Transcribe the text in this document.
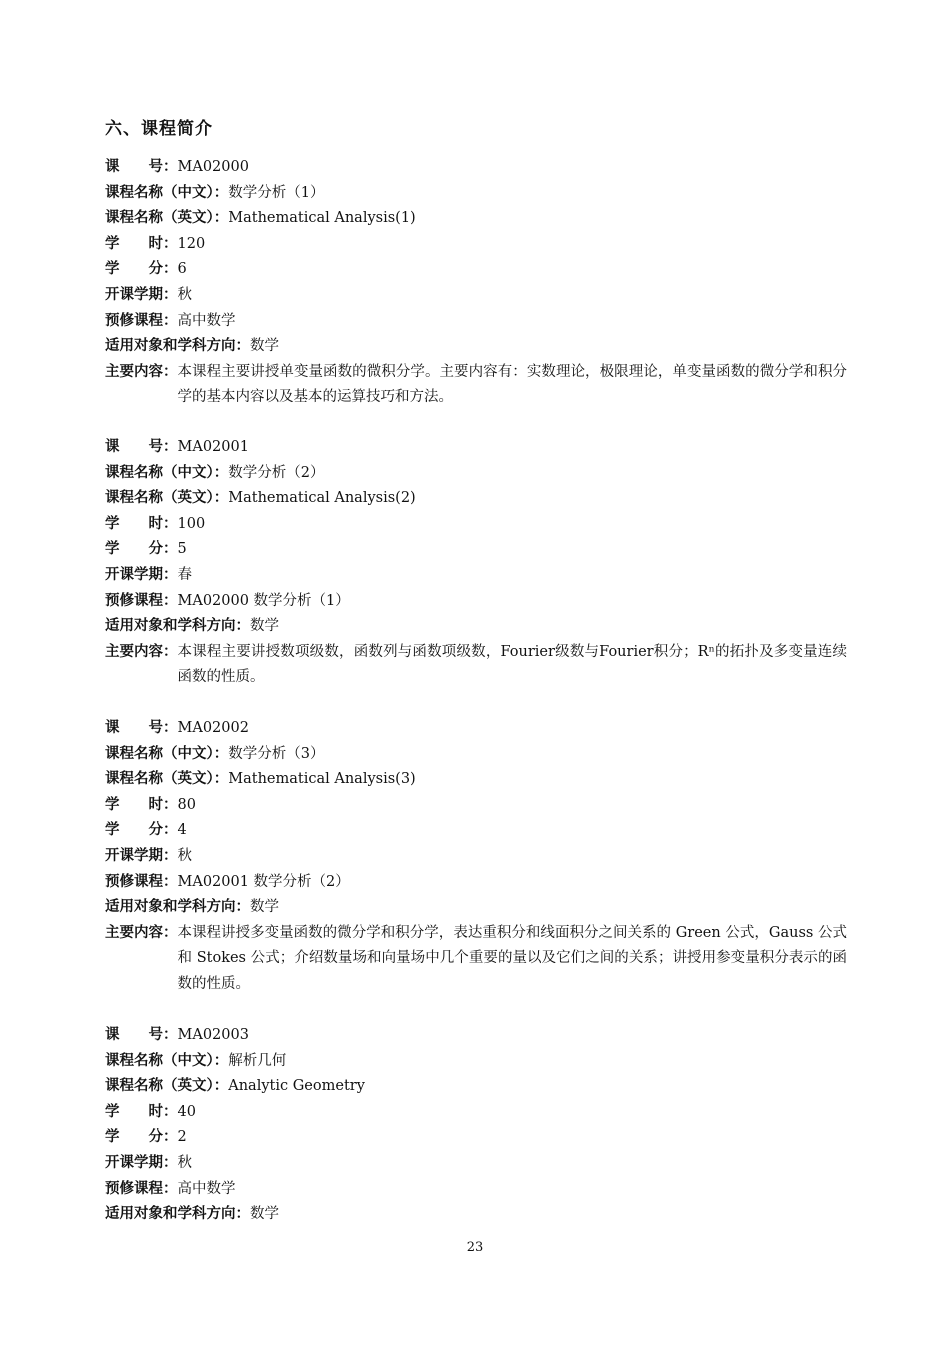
六、课程简介
课　　号：MA02000
课程名称（中文）：数学分析（1）
课程名称（英文）：Mathematical Analysis(1)
学　　时：120
学　　分：6
开课学期：秋
预修课程：高中数学
适用对象和学科方向：数学
主要内容： 本课程主要讲授单变量函数的微积分学。主要内容有：实数理论，极限理论，单变量函数的微分学和积分学的基本内容以及基本的运算技巧和方法。
课　　号：MA02001
课程名称（中文）：数学分析（2）
课程名称（英文）：Mathematical Analysis(2)
学　　时：100
学　　分：5
开课学期：春
预修课程：MA02000 数学分析（1）
适用对象和学科方向：数学
主要内容： 本课程主要讲授数项级数，函数列与函数项级数，Fourier级数与Fourier积分；Rⁿ的拓扑及多变量连续函数的性质。
课　　号：MA02002
课程名称（中文）：数学分析（3）
课程名称（英文）：Mathematical Analysis(3)
学　　时：80
学　　分：4
开课学期：秋
预修课程：MA02001 数学分析（2）
适用对象和学科方向：数学
主要内容： 本课程讲授多变量函数的微分学和积分学，表达重积分和线面积分之间关系的 Green 公式，Gauss 公式和 Stokes 公式；介绍数量场和向量场中几个重要的量以及它们之间的关系；讲授用参变量积分表示的函数的性质。
课　　号：MA02003
课程名称（中文）：解析几何
课程名称（英文）：Analytic Geometry
学　　时：40
学　　分：2
开课学期：秋
预修课程：高中数学
适用对象和学科方向：数学
23
